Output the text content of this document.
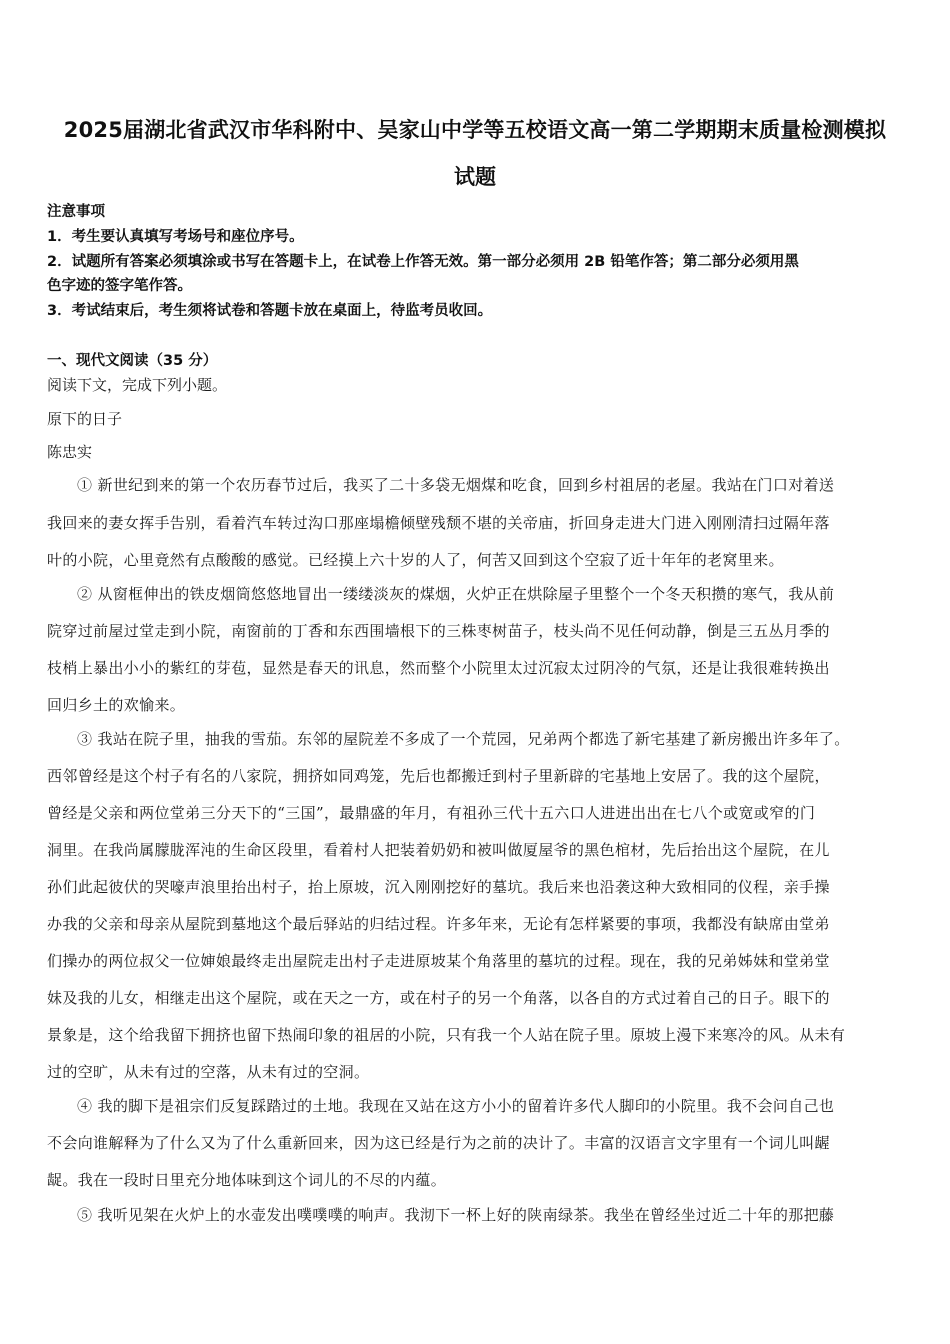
2025届湖北省武汉市华科附中、吴家山中学等五校语文高一第二学期期末质量检测模拟
试题

注意事项

1．考生要认真填写考场号和座位序号。

2．试题所有答案必须填涂或书写在答题卡上，在试卷上作答无效。第一部分必须用 2B 铅笔作答；第二部分必须用黑

色字迹的签字笔作答。

3．考试结束后，考生须将试卷和答题卡放在桌面上，待监考员收回。

一、现代文阅读（35 分）

阅读下文，完成下列小题。

原下的日子

陈忠实

① 新世纪到来的第一个农历春节过后，我买了二十多袋无烟煤和吃食，回到乡村祖居的老屋。我站在门口对着送

我回来的妻女挥手告别，看着汽车转过沟口那座塌檐倾壁残颓不堪的关帝庙，折回身走进大门进入刚刚清扫过隔年落

叶的小院，心里竟然有点酸酸的感觉。已经摸上六十岁的人了，何苦又回到这个空寂了近十年年的老窝里来。

② 从窗框伸出的铁皮烟筒悠悠地冒出一缕缕淡灰的煤烟，火炉正在烘除屋子里整个一个冬天积攒的寒气，我从前

院穿过前屋过堂走到小院，南窗前的丁香和东西围墙根下的三株枣树苗子，枝头尚不见任何动静，倒是三五丛月季的

枝梢上暴出小小的紫红的芽苞，显然是春天的讯息，然而整个小院里太过沉寂太过阴冷的气氛，还是让我很难转换出

回归乡土的欢愉来。

③ 我站在院子里，抽我的雪茄。东邻的屋院差不多成了一个荒园，兄弟两个都选了新宅基建了新房搬出许多年了。

西邻曾经是这个村子有名的八家院，拥挤如同鸡笼，先后也都搬迁到村子里新辟的宅基地上安居了。我的这个屋院，

曾经是父亲和两位堂弟三分天下的“三国”，最鼎盛的年月，有祖孙三代十五六口人进进出出在七八个或宽或窄的门

洞里。在我尚属朦胧浑沌的生命区段里，看着村人把装着奶奶和被叫做厦屋爷的黑色棺材，先后抬出这个屋院，在儿

孙们此起彼伏的哭嚎声浪里抬出村子，抬上原坡，沉入刚刚挖好的墓坑。我后来也沿袭这种大致相同的仪程，亲手操

办我的父亲和母亲从屋院到墓地这个最后驿站的归结过程。许多年来，无论有怎样紧要的事项，我都没有缺席由堂弟

们操办的两位叔父一位婶娘最终走出屋院走出村子走进原坡某个角落里的墓坑的过程。现在，我的兄弟姊妹和堂弟堂

妹及我的儿女，相继走出这个屋院，或在天之一方，或在村子的另一个角落，以各自的方式过着自己的日子。眼下的

景象是，这个给我留下拥挤也留下热闹印象的祖居的小院，只有我一个人站在院子里。原坡上漫下来寒冷的风。从未有

过的空旷，从未有过的空落，从未有过的空洞。

④ 我的脚下是祖宗们反复踩踏过的土地。我现在又站在这方小小的留着许多代人脚印的小院里。我不会问自己也

不会向谁解释为了什么又为了什么重新回来，因为这已经是行为之前的决计了。丰富的汉语言文字里有一个词儿叫龌

龊。我在一段时日里充分地体味到这个词儿的不尽的内蕴。

⑤ 我听见架在火炉上的水壶发出噗噗噗的响声。我沏下一杯上好的陕南绿茶。我坐在曾经坐过近二十年的那把藤
